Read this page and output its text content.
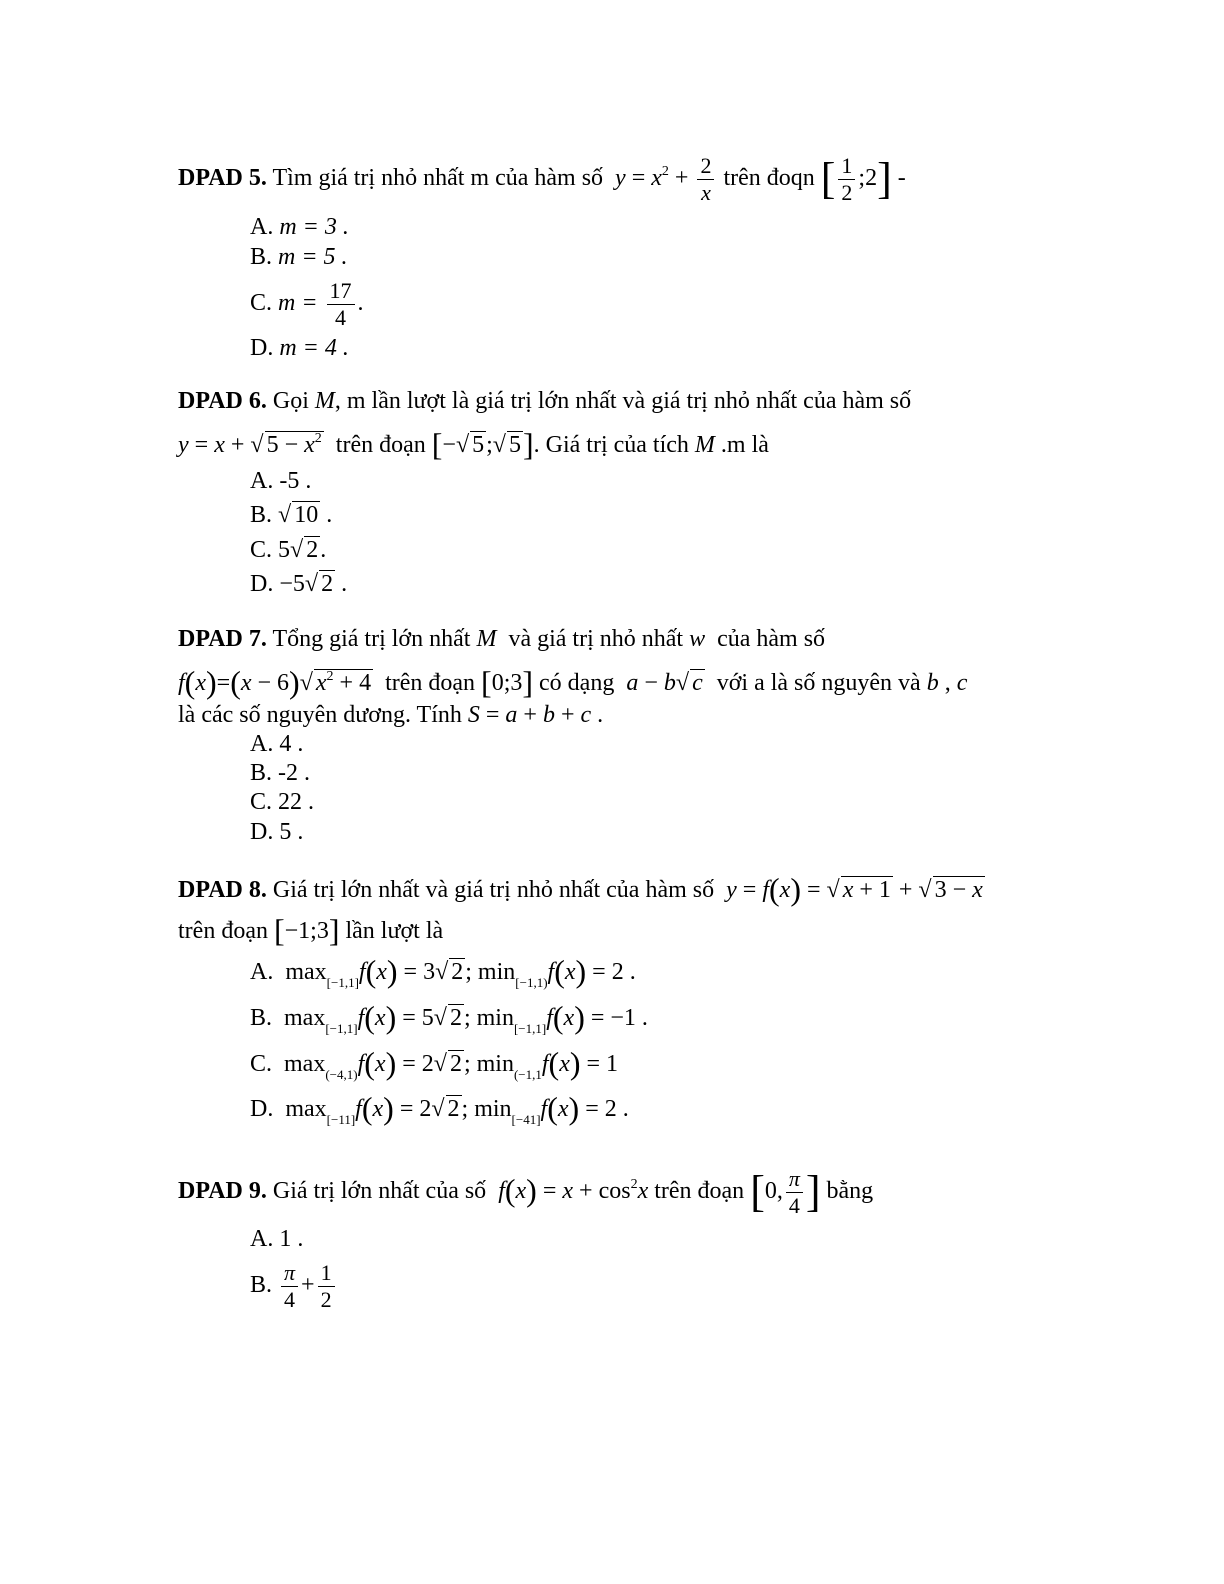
DPAD 5. Tìm giá trị nhỏ nhất m của hàm số $y = x^2 + \frac{2}{x}$ trên đoqn [ $\frac{1}{2}$ ;2] -
A. m = 3 .
B. m = 5 .
C. $m = \frac{17}{4}$ .
D. m = 4 .
DPAD 6. Gọi M, m lần lượt là giá trị lớn nhất và giá trị nhỏ nhất của hàm số
y = x + √ $5 - x^2$ trên đoạn [−√ 5;√ 5]. Giá trị của tích M .m là
A. -5 .
B. √ 10 .
C. 5√ 2.
D. −5√ 2 .
DPAD 7. Tổng giá trị lớn nhất M và giá trị nhỏ nhất w của hàm số
f(x)=(x − 6)√ $x^2 + 4$ trên đoạn [0;3] có dạng a − b√ c với a là số nguyên và b , c
là các số nguyên dương. Tính S = a + b + c .
A. 4 .
B. -2 .
C. 22 .
D. 5 .
DPAD 8. Giá trị lớn nhất và giá trị nhỏ nhất của hàm số y = f(x) = √ x + 1 + √ 3 − x
trên đoạn [−1;3] lần lượt là
A.  $\max_{[-1,1]}f(x) = 3√$ 2; $\min_{[-1,1)}f(x) = 2$ .
B.  $\max_{[-1,1]}f(x) = 5√$ 2; $\min_{[-1,1]}f(x) = -1$ .
C.  $\max_{(-4,1)}f(x) = 2√$ 2; $\min_{(-1,1}f(x) = 1$
D.  $\max_{[-11]}f(x) = 2√$ 2; $\min_{[-41]}f(x) = 2$ .
DPAD 9. Giá trị lớn nhất của số $f(x) = x + \cos^2x$ trên đoạn [0, $\frac{\pi}{4}$ ] bằng
A. 1 .
B. $\frac{\pi}{4} + \frac{1}{2}$
